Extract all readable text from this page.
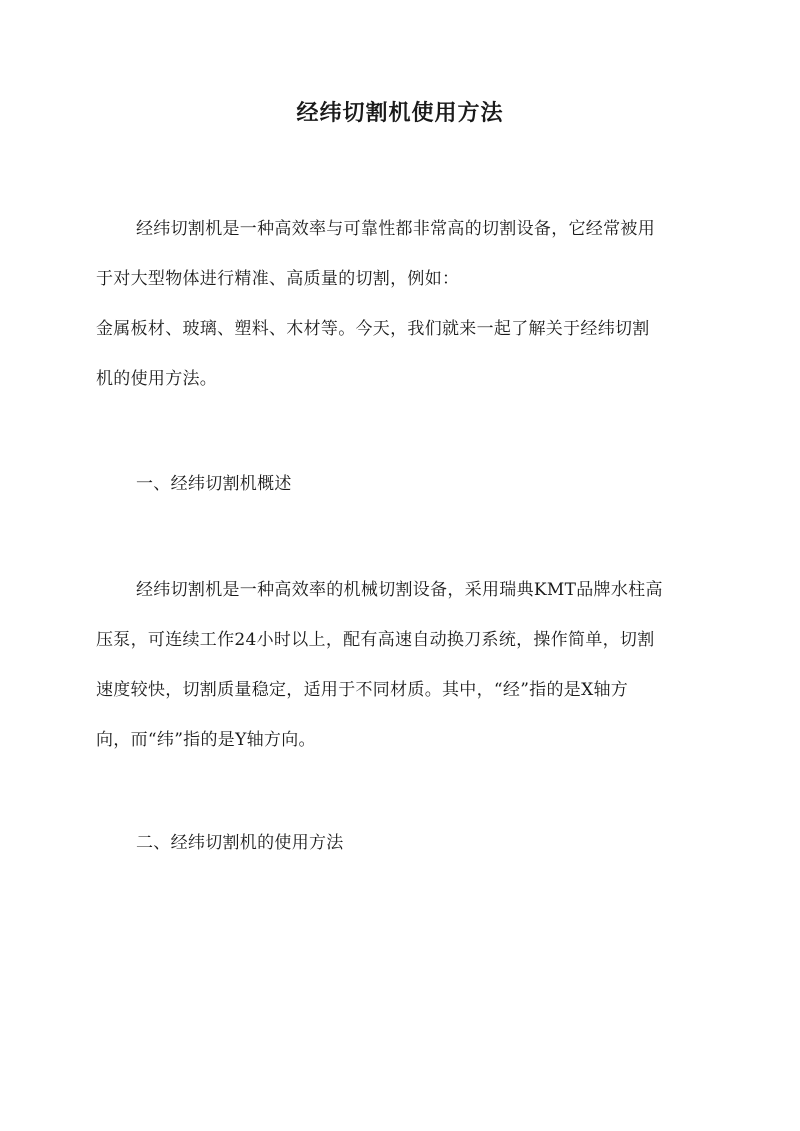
经纬切割机使用方法
经纬切割机是一种高效率与可靠性都非常高的切割设备，它经常被用
于对大型物体进行精准、高质量的切割，例如：
金属板材、玻璃、塑料、木材等。今天，我们就来一起了解关于经纬切割
机的使用方法。
一、经纬切割机概述
经纬切割机是一种高效率的机械切割设备，采用瑞典KMT品牌水柱高
压泵，可连续工作24小时以上，配有高速自动换刀系统，操作简单，切割
速度较快，切割质量稳定，适用于不同材质。其中，“经”指的是X轴方
向，而“纬”指的是Y轴方向。
二、经纬切割机的使用方法
